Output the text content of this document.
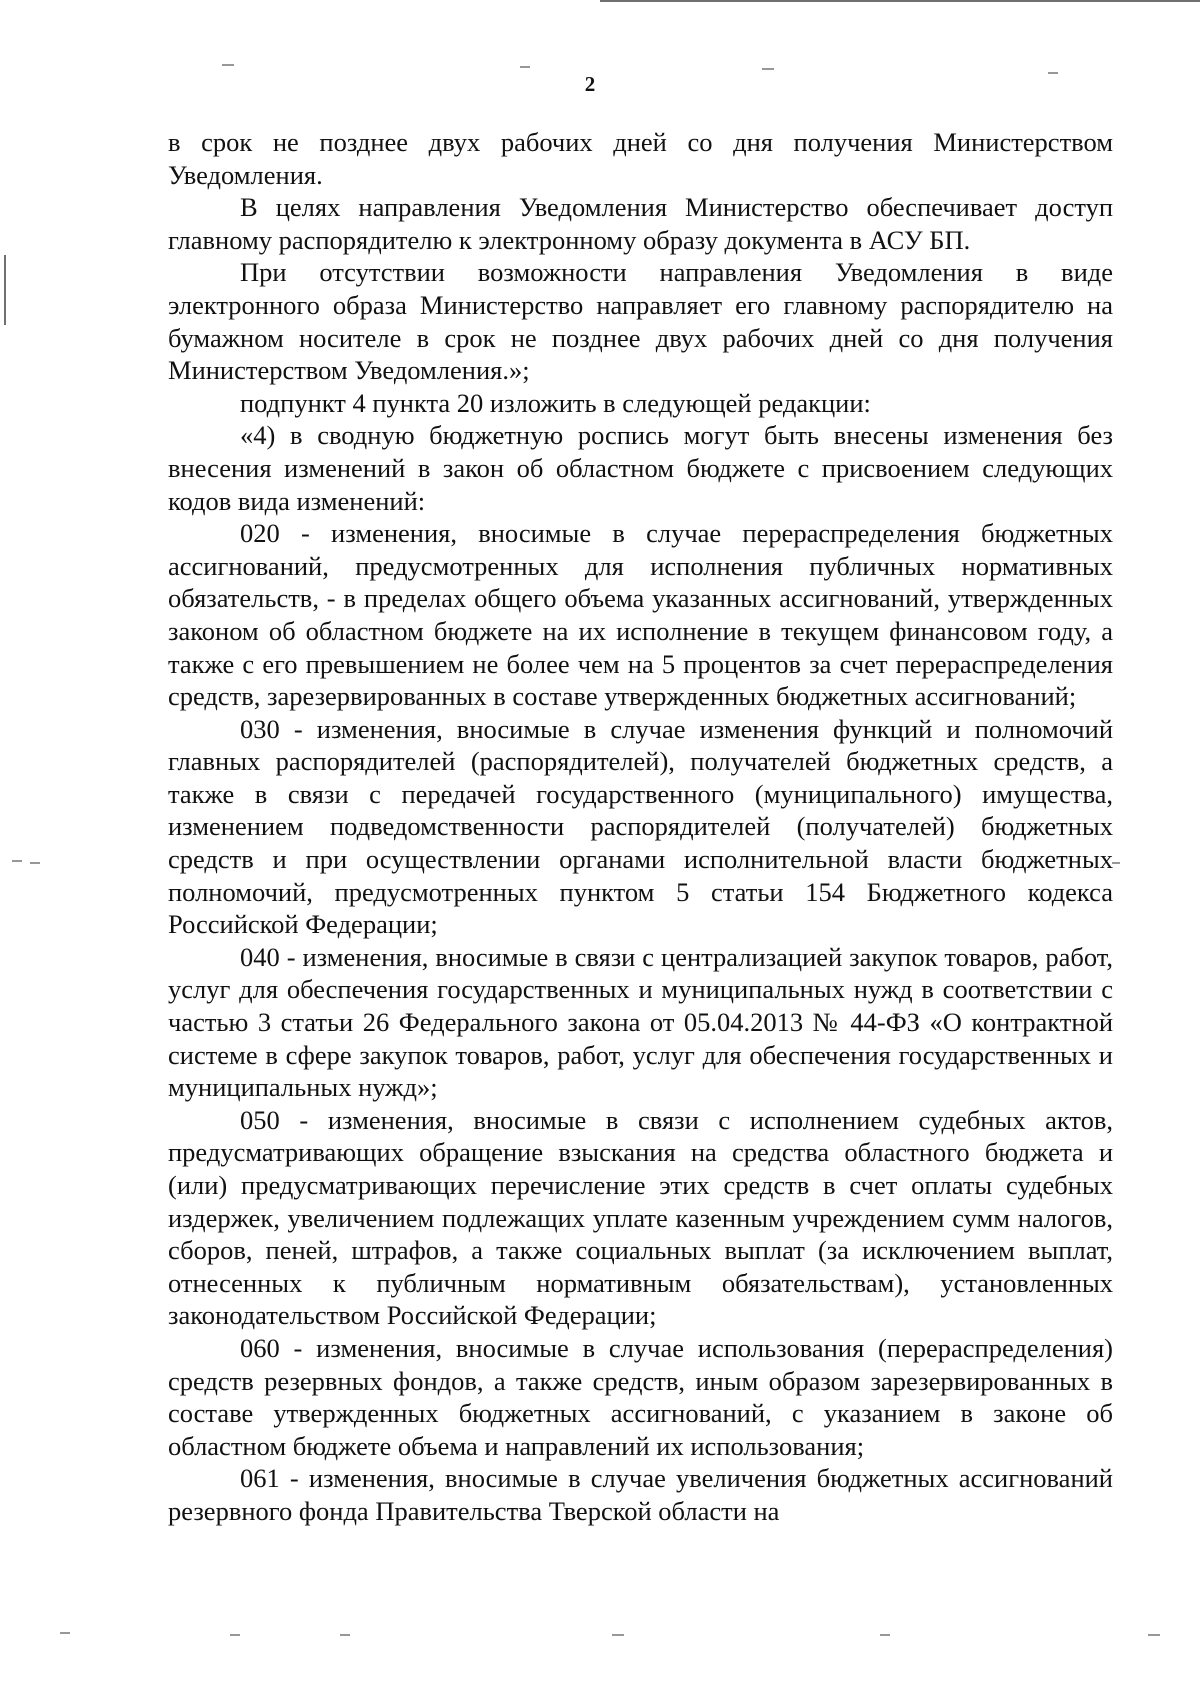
2

в срок не позднее двух рабочих дней со дня получения Министерством Уведомления.

В целях направления Уведомления Министерство обеспечивает доступ главному распорядителю к электронному образу документа в АСУ БП.

При отсутствии возможности направления Уведомления в виде электронного образа Министерство направляет его главному распорядителю на бумажном носителе в срок не позднее двух рабочих дней со дня получения Министерством Уведомления.»;

подпункт 4 пункта 20 изложить в следующей редакции:

«4) в сводную бюджетную роспись могут быть внесены изменения без внесения изменений в закон об областном бюджете с присвоением следующих кодов вида изменений:

020 - изменения, вносимые в случае перераспределения бюджетных ассигнований, предусмотренных для исполнения публичных нормативных обязательств, - в пределах общего объема указанных ассигнований, утвержденных законом об областном бюджете на их исполнение в текущем финансовом году, а также с его превышением не более чем на 5 процентов за счет перераспределения средств, зарезервированных в составе утвержденных бюджетных ассигнований;

030 - изменения, вносимые в случае изменения функций и полномочий главных распорядителей (распорядителей), получателей бюджетных средств, а также в связи с передачей государственного (муниципального) имущества, изменением подведомственности распорядителей (получателей) бюджетных средств и при осуществлении органами исполнительной власти бюджетных полномочий, предусмотренных пунктом 5 статьи 154 Бюджетного кодекса Российской Федерации;

040 - изменения, вносимые в связи с централизацией закупок товаров, работ, услуг для обеспечения государственных и муниципальных нужд в соответствии с частью 3 статьи 26 Федерального закона от 05.04.2013 № 44-ФЗ «О контрактной системе в сфере закупок товаров, работ, услуг для обеспечения государственных и муниципальных нужд»;

050 - изменения, вносимые в связи с исполнением судебных актов, предусматривающих обращение взыскания на средства областного бюджета и (или) предусматривающих перечисление этих средств в счет оплаты судебных издержек, увеличением подлежащих уплате казенным учреждением сумм налогов, сборов, пеней, штрафов, а также социальных выплат (за исключением выплат, отнесенных к публичным нормативным обязательствам), установленных законодательством Российской Федерации;

060 - изменения, вносимые в случае использования (перераспределения) средств резервных фондов, а также средств, иным образом зарезервированных в составе утвержденных бюджетных ассигнований, с указанием в законе об областном бюджете объема и направлений их использования;

061 - изменения, вносимые в случае увеличения бюджетных ассигнований резервного фонда Правительства Тверской области на
